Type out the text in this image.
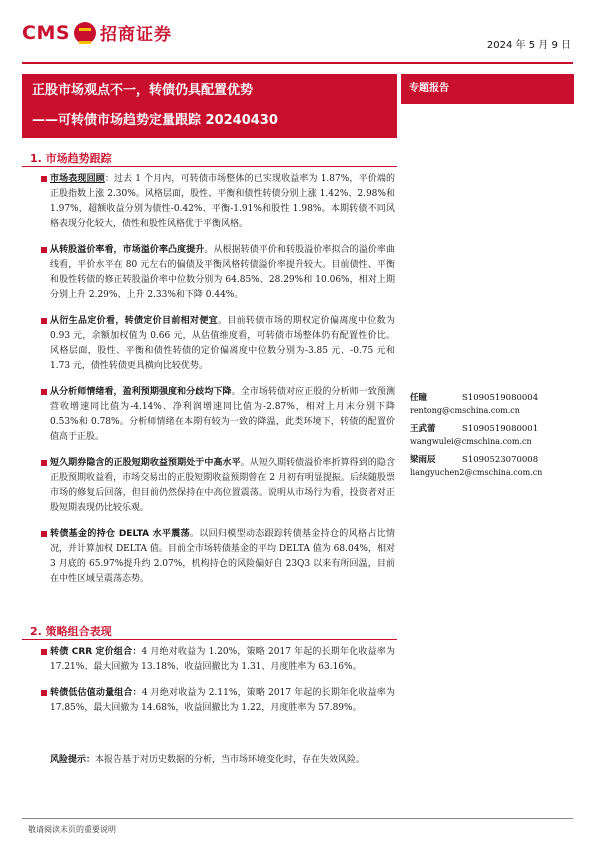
CMS 招商证券
2024 年 5 月 9 日
正股市场观点不一，转债仍具配置优势
——可转债市场趋势定量跟踪 20240430
专题报告
1. 市场趋势跟踪
市场表现回顾：过去 1 个月内，可转债市场整体的已实现收益率为 1.87%，平价端的正股指数上涨 2.30%。风格层面，股性、平衡和债性转债分别上涨 1.42%、2.98%和 1.97%，超额收益分别为债性-0.42%、平衡-1.91%和股性 1.98%。本期转债不同风格表现分化较大，债性和股性风格优于平衡风格。
从转股溢价率看，市场溢价率凸度提升。从根据转债平价和转股溢价率拟合的溢价率曲线看，平价水平在 80 元左右的偏债及平衡风格转债溢价率提升较大。目前债性、平衡和股性转债的修正转股溢价率中位数分别为 64.85%、28.29%和 10.06%，相对上期分别上升 2.29%、上升 2.33%和下降 0.44%。
从衍生品定价看，转债定价目前相对便宜。目前转债市场的期权定价偏离度中位数为 0.93 元，余额加权值为 0.66 元，从估值维度看，可转债市场整体仍有配置性价比。风格层面，股性、平衡和债性转债的定价偏离度中位数分别为-3.85 元、-0.75 元和 1.73 元，债性转债更具横向比较优势。
从分析师情绪看，盈利预期强度和分歧均下降。全市场转债对应正股的分析师一致预测营收增速同比值为-4.14%、净利润增速同比值为-2.87%，相对上月末分别下降 0.53%和 0.78%。分析师情绪在本期有较为一致的降温，此类环境下，转债的配置价值高于正股。
短久期券隐含的正股短期收益预期处于中高水平。从短久期转债溢价率折算得到的隐含正股预期收益看，市场交易出的正股短期收益预期曾在 2 月初有明显提振。后续随股票市场的修复后回落，但目前仍然保持在中高位置震荡。说明从市场行为看，投资者对正股短期表现仍比较乐观。
转债基金的持仓 DELTA 水平震荡。以回归模型动态跟踪转债基金持仓的风格占比情况，并计算加权 DELTA 值。目前全市场转债基金的平均 DELTA 值为 68.04%，相对 3 月底的 65.97%提升约 2.07%，机构持仓的风险偏好自 23Q3 以来有所回温，目前在中性区域呈震荡态势。
2. 策略组合表现
转债 CRR 定价组合：4 月绝对收益为 1.20%，策略 2017 年起的长期年化收益率为 17.21%、最大回撤为 13.18%、收益回撤比为 1.31、月度胜率为 63.16%。
转债低估值动量组合：4 月绝对收益为 2.11%，策略 2017 年起的长期年化收益率为 17.85%，最大回撤为 14.68%，收益回撤比为 1.22，月度胜率为 57.89%。
风险提示：本报告基于对历史数据的分析，当市场环境变化时，存在失效风险。
任瞳	S1090519080004
rentong@cmschina.com.cn
王武蕾	S1090519080001
wangwulei@cmschina.com.cn
梁雨辰	S1090523070008
liangyuchen2@cmschina.com.cn
敬请阅读末页的重要说明
